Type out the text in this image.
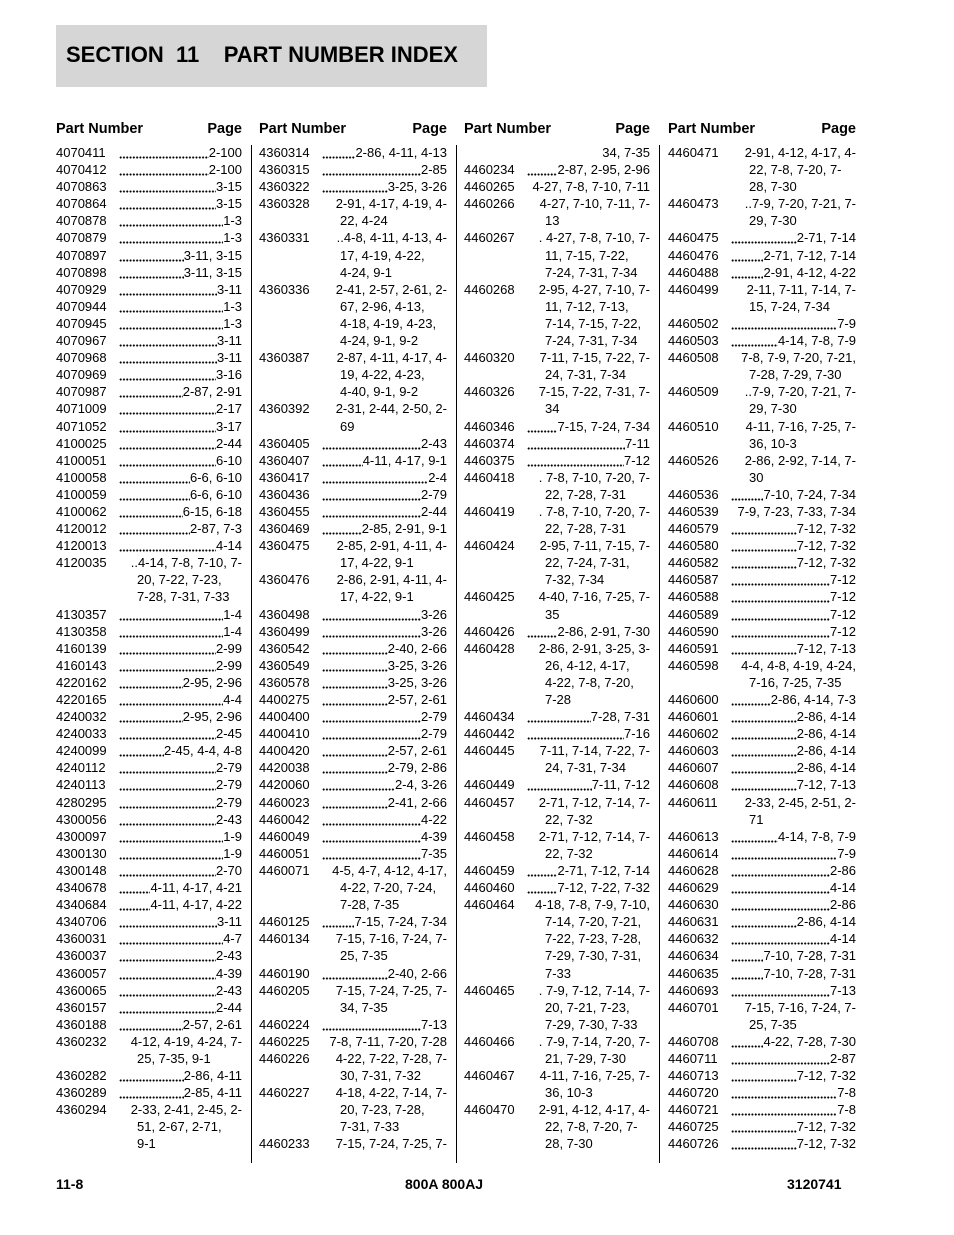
SECTION  11    PART NUMBER INDEX
Part Number	Page
4070411	2-100
4070412	2-100
4070863	3-15
4070864	3-15
4070878	1-3
4070879	1-3
4070897	3-11, 3-15
4070898	3-11, 3-15
4070929	3-11
4070944	1-3
4070945	1-3
4070967	3-11
4070968	3-11
4070969	3-16
4070987	2-87, 2-91
4071009	2-17
4071052	3-17
4100025	2-44
4100051	6-10
4100058	6-6, 6-10
4100059	6-6, 6-10
4100062	6-15, 6-18
4120012	2-87, 7-3
4120013	4-14
4120035	..4-14, 7-8, 7-10, 7-
20, 7-22, 7-23,
7-28, 7-31, 7-33
4130357	1-4
4130358	1-4
4160139	2-99
4160143	2-99
4220162	2-95, 2-96
4220165	4-4
4240032	2-95, 2-96
4240033	2-45
4240099	2-45, 4-4, 4-8
4240112	2-79
4240113	2-79
4280295	2-79
4300056	2-43
4300097	1-9
4300130	1-9
4300148	2-70
4340678	4-11, 4-17, 4-21
4340684	4-11, 4-17, 4-22
4340706	3-11
4360031	4-7
4360037	2-43
4360057	4-39
4360065	2-43
4360157	2-44
4360188	2-57, 2-61
4360232	4-12, 4-19, 4-24, 7-
25, 7-35, 9-1
4360282	2-86, 4-11
4360289	2-85, 4-11
4360294	2-33, 2-41, 2-45, 2-
51, 2-67, 2-71,
9-1
Part Number	Page
4360314	2-86, 4-11, 4-13
4360315	2-85
4360322	3-25, 3-26
4360328	2-91, 4-17, 4-19, 4-
22, 4-24
4360331	..4-8, 4-11, 4-13, 4-
17, 4-19, 4-22,
4-24, 9-1
4360336	2-41, 2-57, 2-61, 2-
67, 2-96, 4-13,
4-18, 4-19, 4-23,
4-24, 9-1, 9-2
4360387	2-87, 4-11, 4-17, 4-
19, 4-22, 4-23,
4-40, 9-1, 9-2
4360392	2-31, 2-44, 2-50, 2-
69
4360405	2-43
4360407	4-11, 4-17, 9-1
4360417	2-4
4360436	2-79
4360455	2-44
4360469	2-85, 2-91, 9-1
4360475	2-85, 2-91, 4-11, 4-
17, 4-22, 9-1
4360476	2-86, 2-91, 4-11, 4-
17, 4-22, 9-1
4360498	3-26
4360499	3-26
4360542	2-40, 2-66
4360549	3-25, 3-26
4360578	3-25, 3-26
4400275	2-57, 2-61
4400400	2-79
4400410	2-79
4400420	2-57, 2-61
4420038	2-79, 2-86
4420060	2-4, 3-26
4460023	2-41, 2-66
4460042	4-22
4460049	4-39
4460051	7-35
4460071	4-5, 4-7, 4-12, 4-17,
4-22, 7-20, 7-24,
7-28, 7-35
4460125	7-15, 7-24, 7-34
4460134	7-15, 7-16, 7-24, 7-
25, 7-35
4460190	2-40, 2-66
4460205	7-15, 7-24, 7-25, 7-
34, 7-35
4460224	7-13
4460225	7-8, 7-11, 7-20, 7-28
4460226	4-22, 7-22, 7-28, 7-
30, 7-31, 7-32
4460227	4-18, 4-22, 7-14, 7-
20, 7-23, 7-28,
7-31, 7-33
4460233	7-15, 7-24, 7-25, 7-
Part Number	Page
34, 7-35
4460234	2-87, 2-95, 2-96
4460265	4-27, 7-8, 7-10, 7-11
4460266	4-27, 7-10, 7-11, 7-
13
4460267	. 4-27, 7-8, 7-10, 7-
11, 7-15, 7-22,
7-24, 7-31, 7-34
4460268	2-95, 4-27, 7-10, 7-
11, 7-12, 7-13,
7-14, 7-15, 7-22,
7-24, 7-31, 7-34
4460320	7-11, 7-15, 7-22, 7-
24, 7-31, 7-34
4460326	7-15, 7-22, 7-31, 7-
34
4460346	7-15, 7-24, 7-34
4460374	7-11
4460375	7-12
4460418	. 7-8, 7-10, 7-20, 7-
22, 7-28, 7-31
4460419	. 7-8, 7-10, 7-20, 7-
22, 7-28, 7-31
4460424	2-95, 7-11, 7-15, 7-
22, 7-24, 7-31,
7-32, 7-34
4460425	4-40, 7-16, 7-25, 7-
35
4460426	2-86, 2-91, 7-30
4460428	2-86, 2-91, 3-25, 3-
26, 4-12, 4-17,
4-22, 7-8, 7-20,
7-28
4460434	7-28, 7-31
4460442	7-16
4460445	7-11, 7-14, 7-22, 7-
24, 7-31, 7-34
4460449	7-11, 7-12
4460457	2-71, 7-12, 7-14, 7-
22, 7-32
4460458	2-71, 7-12, 7-14, 7-
22, 7-32
4460459	2-71, 7-12, 7-14
4460460	7-12, 7-22, 7-32
4460464	4-18, 7-8, 7-9, 7-10,
7-14, 7-20, 7-21,
7-22, 7-23, 7-28,
7-29, 7-30, 7-31,
7-33
4460465	. 7-9, 7-12, 7-14, 7-
20, 7-21, 7-23,
7-29, 7-30, 7-33
4460466	. 7-9, 7-14, 7-20, 7-
21, 7-29, 7-30
4460467	4-11, 7-16, 7-25, 7-
36, 10-3
4460470	2-91, 4-12, 4-17, 4-
22, 7-8, 7-20, 7-
28, 7-30
Part Number	Page
4460471	2-91, 4-12, 4-17, 4-
22, 7-8, 7-20, 7-
28, 7-30
4460473	..7-9, 7-20, 7-21, 7-
29, 7-30
4460475	2-71, 7-14
4460476	2-71, 7-12, 7-14
4460488	2-91, 4-12, 4-22
4460499	2-11, 7-11, 7-14, 7-
15, 7-24, 7-34
4460502	7-9
4460503	4-14, 7-8, 7-9
4460508	7-8, 7-9, 7-20, 7-21,
7-28, 7-29, 7-30
4460509	..7-9, 7-20, 7-21, 7-
29, 7-30
4460510	4-11, 7-16, 7-25, 7-
36, 10-3
4460526	2-86, 2-92, 7-14, 7-
30
4460536	7-10, 7-24, 7-34
4460539	7-9, 7-23, 7-33, 7-34
4460579	7-12, 7-32
4460580	7-12, 7-32
4460582	7-12, 7-32
4460587	7-12
4460588	7-12
4460589	7-12
4460590	7-12
4460591	7-12, 7-13
4460598	4-4, 4-8, 4-19, 4-24,
7-16, 7-25, 7-35
4460600	2-86, 4-14, 7-3
4460601	2-86, 4-14
4460602	2-86, 4-14
4460603	2-86, 4-14
4460607	2-86, 4-14
4460608	7-12, 7-13
4460611	2-33, 2-45, 2-51, 2-
71
4460613	4-14, 7-8, 7-9
4460614	7-9
4460628	2-86
4460629	4-14
4460630	2-86
4460631	2-86, 4-14
4460632	4-14
4460634	7-10, 7-28, 7-31
4460635	7-10, 7-28, 7-31
4460693	7-13
4460701	7-15, 7-16, 7-24, 7-
25, 7-35
4460708	4-22, 7-28, 7-30
4460711	2-87
4460713	7-12, 7-32
4460720	7-8
4460721	7-8
4460725	7-12, 7-32
4460726	7-12, 7-32
11-8	800A 800AJ	3120741
